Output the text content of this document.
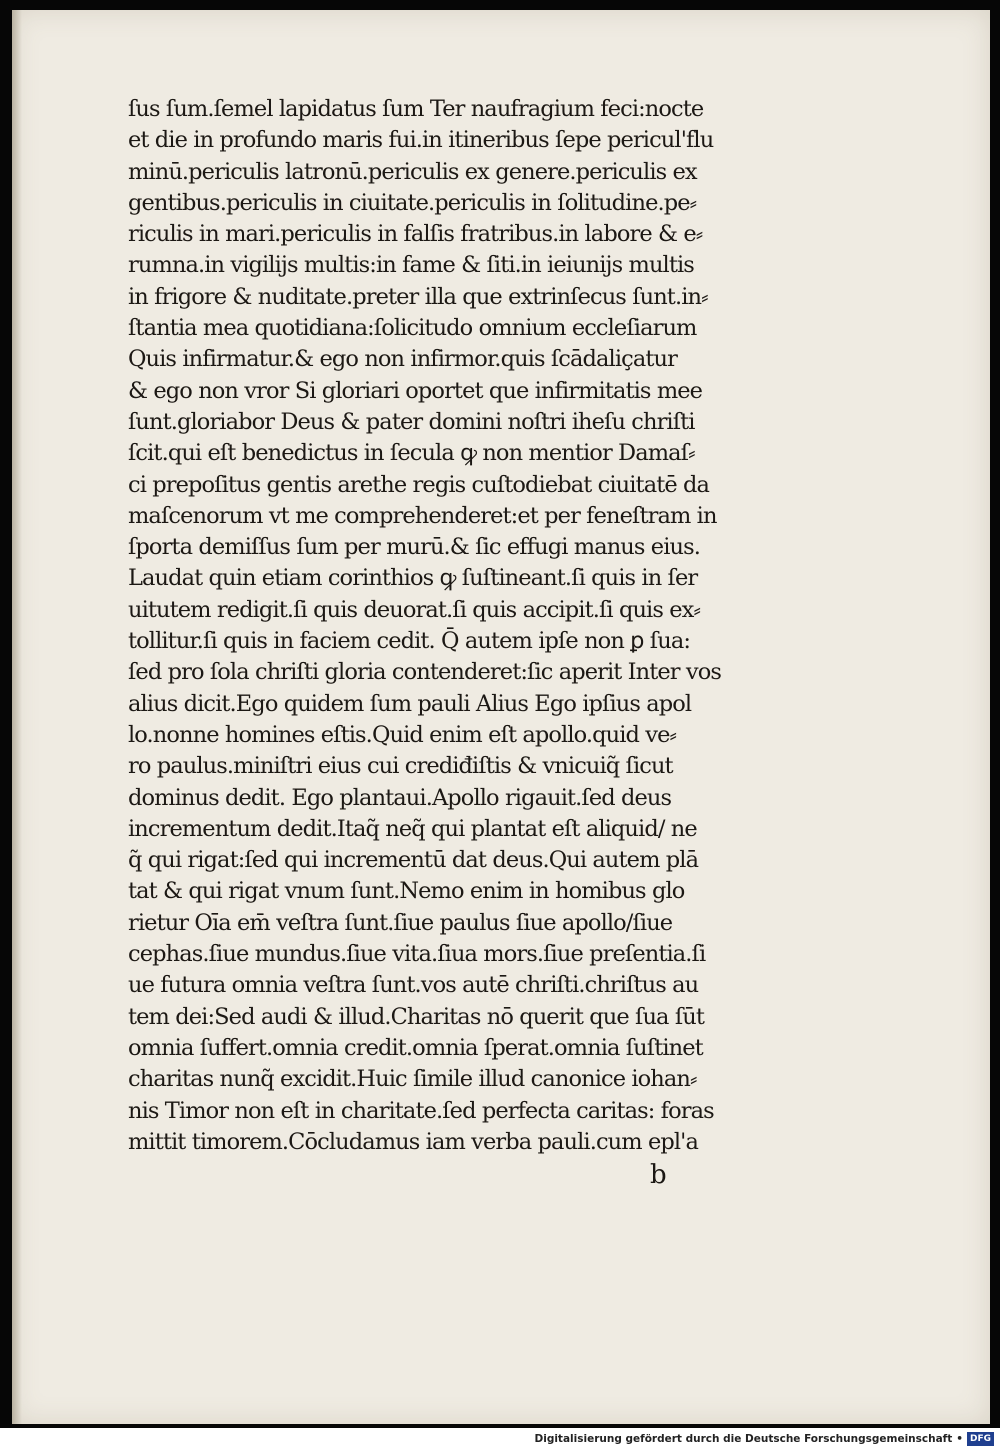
ſus ſum.ſemel lapidatus ſum Ter naufragium feci:nocte
et die in profundo maris fui.in itineribus ſepe pericul'flu
minū.periculis latronū.periculis ex genere.periculis ex
gentibus.periculis in ciuitate.periculis in ſolitudine.pe⸗
riculis in mari.periculis in falſis fratribus.in labore & e⸗
rumna.in vigilijs multis:in fame & ſiti.in ieiunijs multis
in frigore & nuditate.preter illa que extrinſecus ſunt.in⸗
ſtantia mea quotidiana:ſolicitudo omnium eccleſiarum
Quis infirmatur.& ego non infirmor.quis ſcādaliçatur
& ego non vror Si gloriari oportet que infirmitatis mee
ſunt.gloriabor Deus & pater domini noſtri iheſu chriſti
ſcit.qui eſt benedictus in ſecula ꝙ non mentior Damaſ⸗
ci prepoſitus gentis arethe regis cuſtodiebat ciuitatē da
maſcenorum vt me comprehenderet:et per feneſtram in
ſporta demiſſus ſum per murū.& ſic effugi manus eius.
Laudat quin etiam corinthios ꝙ ſuſtineant.ſi quis in ſer
uitutem redigit.ſi quis deuorat.ſi quis accipit.ſi quis ex⸗
tollitur.ſi quis in faciem cedit. Q̄ autem ipſe non ꝑ ſua:
ſed pro ſola chriſti gloria contenderet:ſic aperit Inter vos
alius dicit.Ego quidem ſum pauli Alius Ego ipſius apol
lo.nonne homines eſtis.Quid enim eſt apollo.quid ve⸗
ro paulus.miniſtri eius cui crediđiſtis & vnicuiq̃ ſicut
dominus dedit. Ego plantaui.Apollo rigauit.ſed deus
incrementum dedit.Itaq̃ neq̃ qui plantat eſt aliquid/ ne
q̃ qui rigat:ſed qui incrementū dat deus.Qui autem plā
tat & qui rigat vnum ſunt.Nemo enim in homibus glo
rietur Oīa em̄ veſtra ſunt.ſiue paulus ſiue apollo/ſiue
cephas.ſiue mundus.ſiue vita.ſiua mors.ſiue preſentia.ſi
ue futura omnia veſtra ſunt.vos autē chriſti.chriſtus au
tem dei:Sed audi & illud.Charitas nō querit que ſua ſūt
omnia ſuffert.omnia credit.omnia ſperat.omnia ſuſtinet
charitas nunq̃ excidit.Huic ſimile illud canonice iohan⸗
nis Timor non eſt in charitate.ſed perfecta caritas: foras
mittit timorem.Cōcludamus iam verba pauli.cum epl'a
b
Digitalisierung gefördert durch die Deutsche Forschungsgemeinschaft • DFG
